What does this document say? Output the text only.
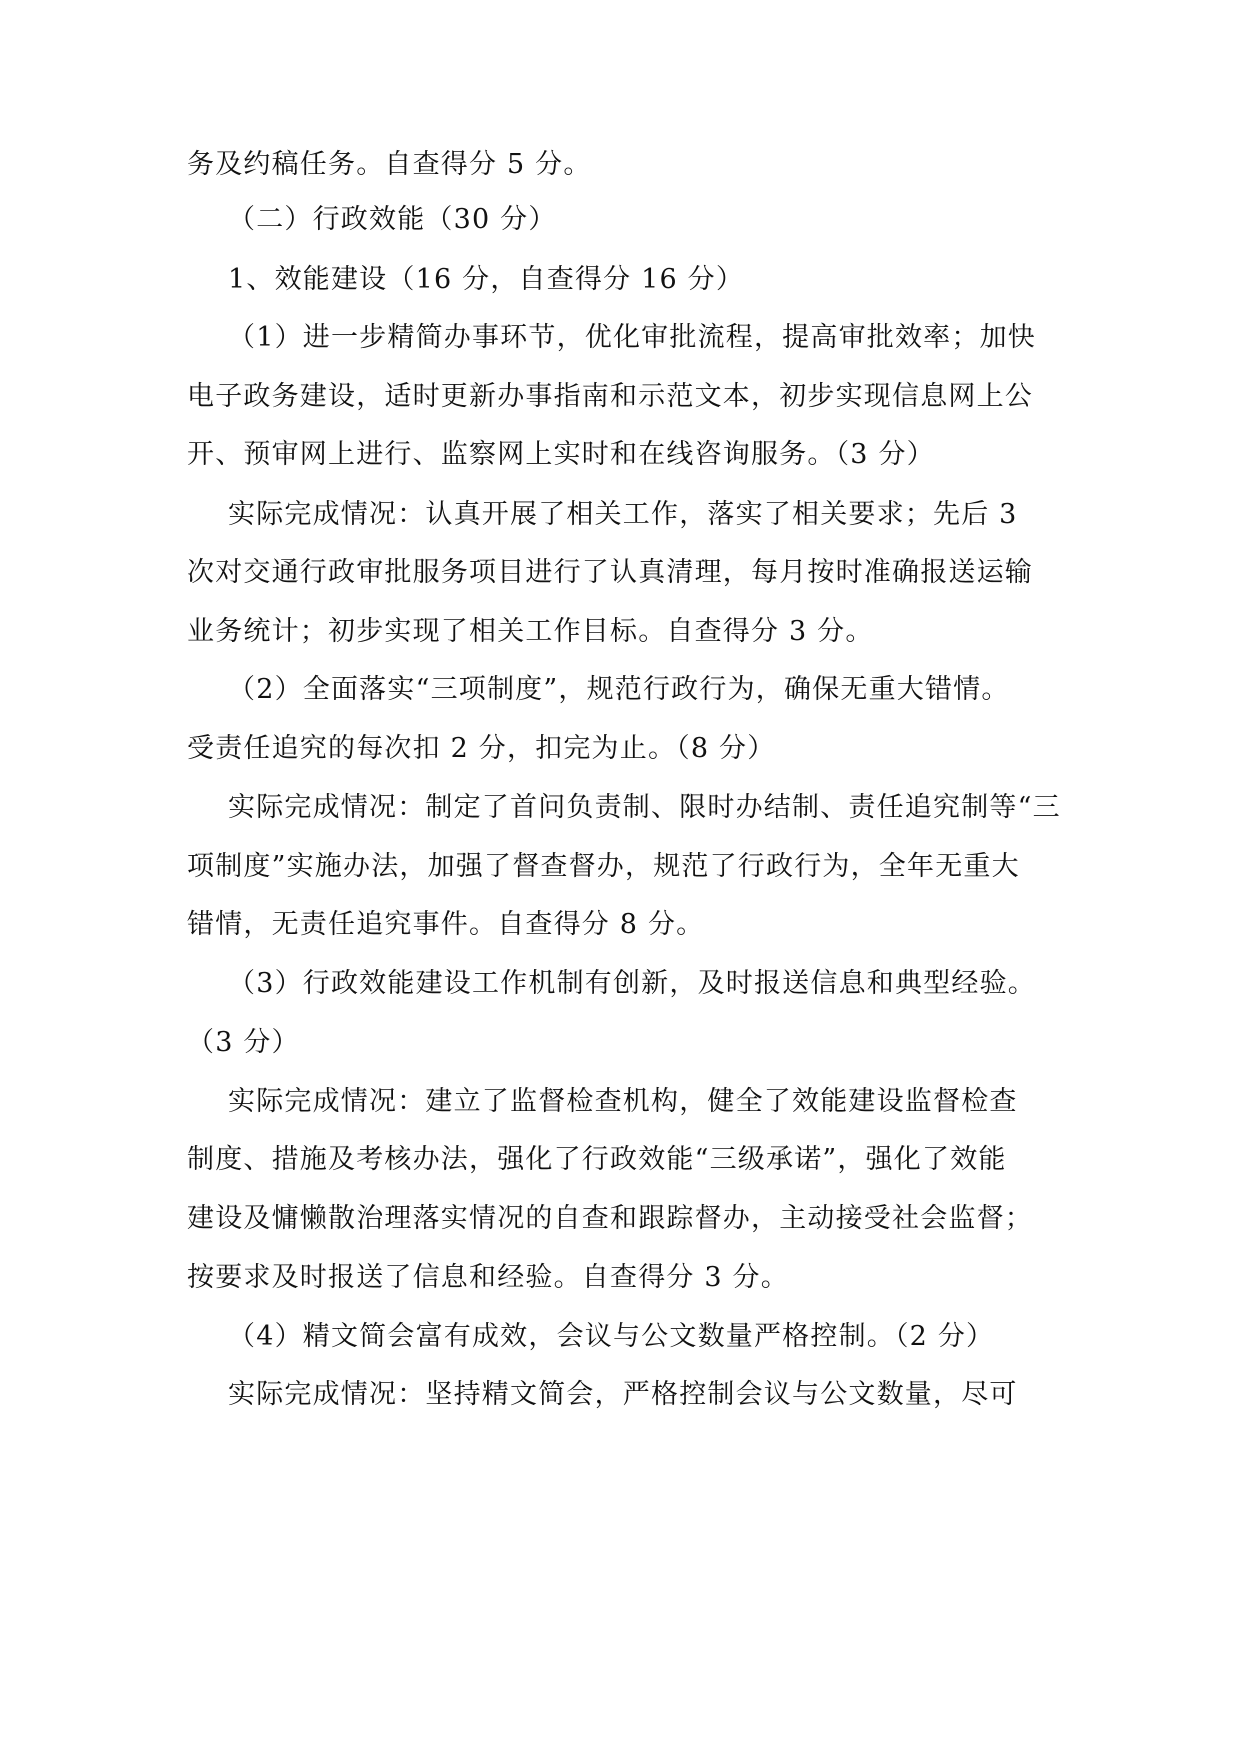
务及约稿任务。自查得分 5 分。
（二）行政效能（30 分）
1、效能建设（16 分，自查得分 16 分）
（1）进一步精简办事环节，优化审批流程，提高审批效率；加快
电子政务建设，适时更新办事指南和示范文本，初步实现信息网上公
开、预审网上进行、监察网上实时和在线咨询服务。（3 分）
实际完成情况：认真开展了相关工作，落实了相关要求；先后 3
次对交通行政审批服务项目进行了认真清理，每月按时准确报送运输
业务统计；初步实现了相关工作目标。自查得分 3 分。
（2）全面落实“三项制度”，规范行政行为，确保无重大错情。
受责任追究的每次扣 2 分，扣完为止。（8 分）
实际完成情况：制定了首问负责制、限时办结制、责任追究制等“三
项制度”实施办法，加强了督查督办，规范了行政行为，全年无重大
错情，无责任追究事件。自查得分 8 分。
（3）行政效能建设工作机制有创新，及时报送信息和典型经验。
（3 分）
实际完成情况：建立了监督检查机构，健全了效能建设监督检查
制度、措施及考核办法，强化了行政效能“三级承诺”，强化了效能
建设及慵懒散治理落实情况的自查和跟踪督办，主动接受社会监督；
按要求及时报送了信息和经验。自查得分 3 分。
（4）精文简会富有成效，会议与公文数量严格控制。（2 分）
实际完成情况：坚持精文简会，严格控制会议与公文数量，尽可
